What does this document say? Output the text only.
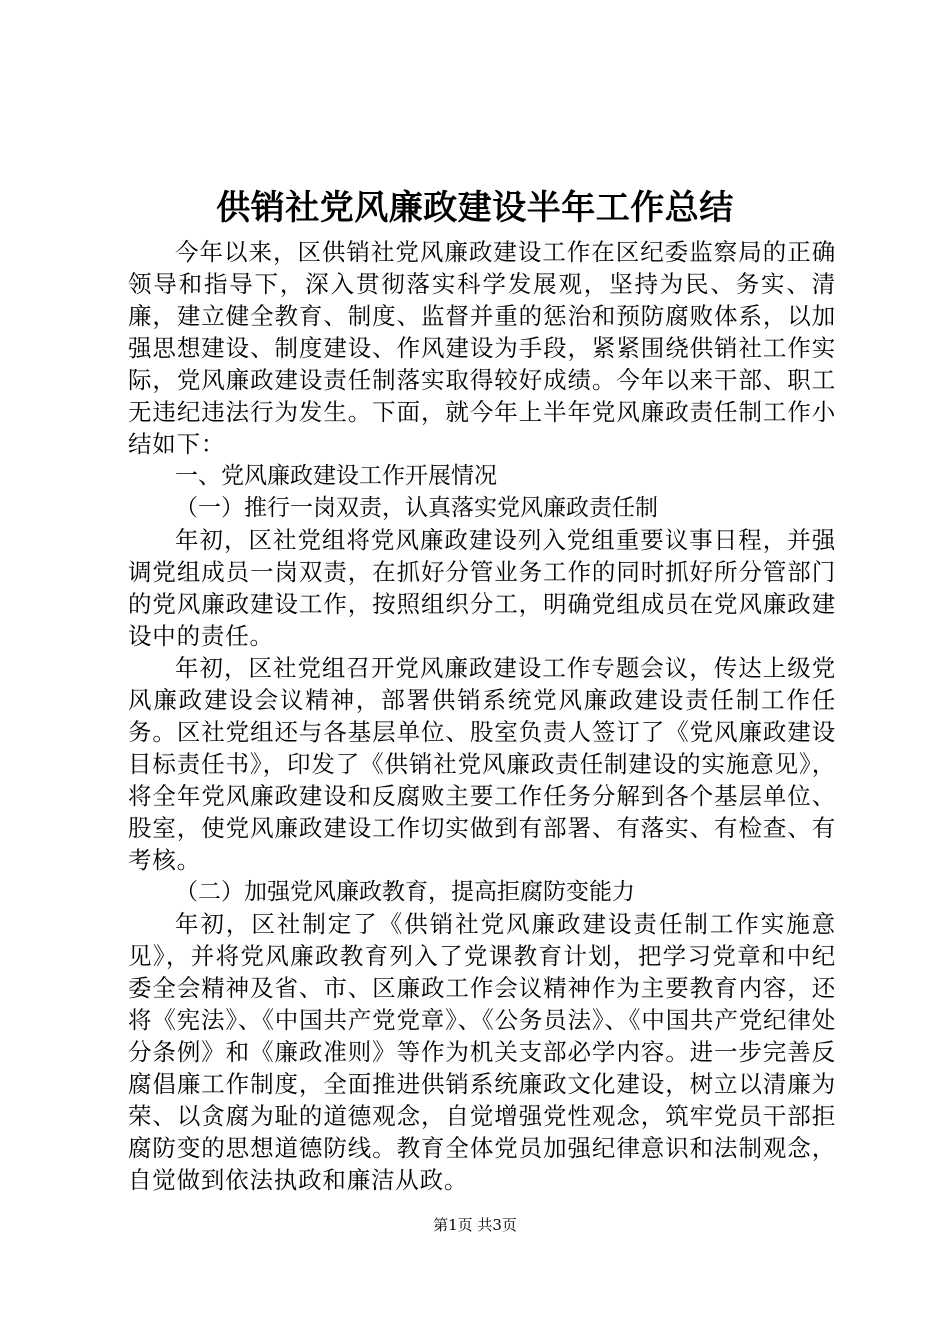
供销社党风廉政建设半年工作总结

今年以来，区供销社党风廉政建设工作在区纪委监察局的正确领导和指导下，深入贯彻落实科学发展观，坚持为民、务实、清廉，建立健全教育、制度、监督并重的惩治和预防腐败体系，以加强思想建设、制度建设、作风建设为手段，紧紧围绕供销社工作实际，党风廉政建设责任制落实取得较好成绩。今年以来干部、职工无违纪违法行为发生。下面，就今年上半年党风廉政责任制工作小结如下：

一、党风廉政建设工作开展情况

（一）推行一岗双责，认真落实党风廉政责任制

年初，区社党组将党风廉政建设列入党组重要议事日程，并强调党组成员一岗双责，在抓好分管业务工作的同时抓好所分管部门的党风廉政建设工作，按照组织分工，明确党组成员在党风廉政建设中的责任。

年初，区社党组召开党风廉政建设工作专题会议，传达上级党风廉政建设会议精神，部署供销系统党风廉政建设责任制工作任务。区社党组还与各基层单位、股室负责人签订了《党风廉政建设目标责任书》，印发了《供销社党风廉政责任制建设的实施意见》，将全年党风廉政建设和反腐败主要工作任务分解到各个基层单位、股室，使党风廉政建设工作切实做到有部署、有落实、有检查、有考核。

（二）加强党风廉政教育，提高拒腐防变能力

年初，区社制定了《供销社党风廉政建设责任制工作实施意见》，并将党风廉政教育列入了党课教育计划，把学习党章和中纪委全会精神及省、市、区廉政工作会议精神作为主要教育内容，还将《宪法》、《中国共产党党章》、《公务员法》、《中国共产党纪律处分条例》和《廉政准则》等作为机关支部必学内容。进一步完善反腐倡廉工作制度，全面推进供销系统廉政文化建设，树立以清廉为荣、以贪腐为耻的道德观念，自觉增强党性观念，筑牢党员干部拒腐防变的思想道德防线。教育全体党员加强纪律意识和法制观念，自觉做到依法执政和廉洁从政。

第1页 共3页
